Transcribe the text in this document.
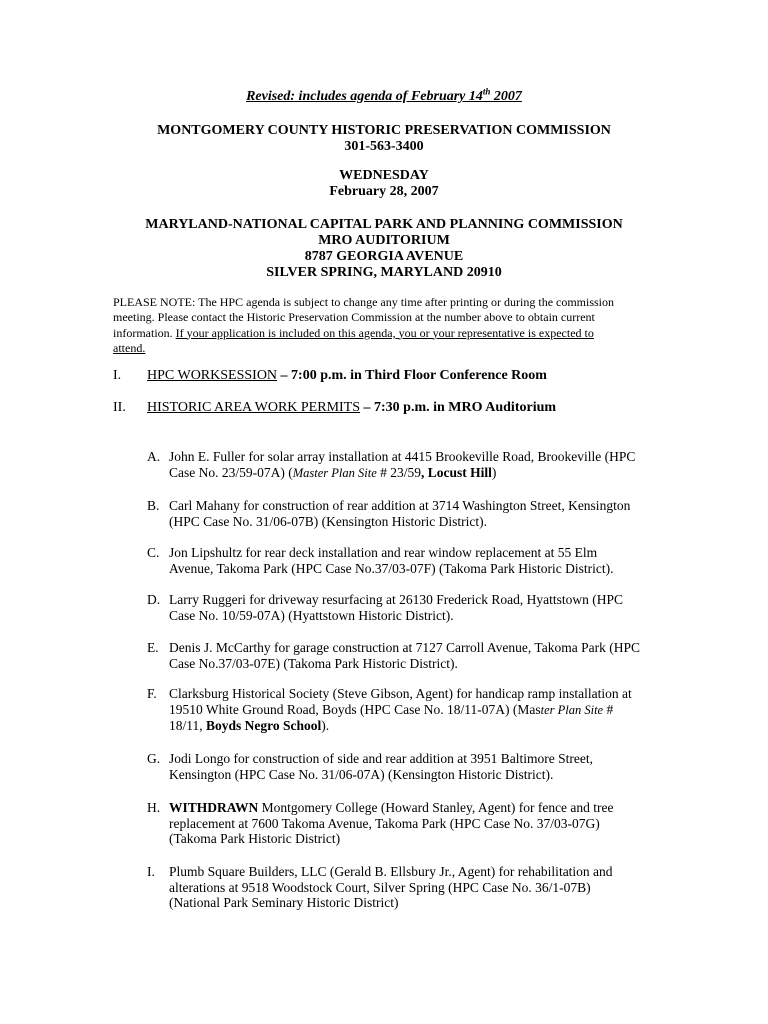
Revised: includes agenda of February 14th 2007
MONTGOMERY COUNTY HISTORIC PRESERVATION COMMISSION
301-563-3400
WEDNESDAY
February 28, 2007
MARYLAND-NATIONAL CAPITAL PARK AND PLANNING COMMISSION
MRO AUDITORIUM
8787 GEORGIA AVENUE
SILVER SPRING, MARYLAND 20910
PLEASE NOTE: The HPC agenda is subject to change any time after printing or during the commission
meeting. Please contact the Historic Preservation Commission at the number above to obtain current
information. If your application is included on this agenda, you or your representative is expected to
attend.
I. HPC WORKSESSION – 7:00 p.m. in Third Floor Conference Room
II. HISTORIC AREA WORK PERMITS – 7:30 p.m. in MRO Auditorium
A. John E. Fuller for solar array installation at 4415 Brookeville Road, Brookeville (HPC
Case No. 23/59-07A) (Master Plan Site # 23/59, Locust Hill)
B. Carl Mahany for construction of rear addition at 3714 Washington Street, Kensington
(HPC Case No. 31/06-07B) (Kensington Historic District).
C. Jon Lipshultz for rear deck installation and rear window replacement at 55 Elm
Avenue, Takoma Park (HPC Case No.37/03-07F) (Takoma Park Historic District).
D. Larry Ruggeri for driveway resurfacing at 26130 Frederick Road, Hyattstown (HPC
Case No. 10/59-07A) (Hyattstown Historic District).
E. Denis J. McCarthy for garage construction at 7127 Carroll Avenue, Takoma Park (HPC
Case No.37/03-07E) (Takoma Park Historic District).
F. Clarksburg Historical Society (Steve Gibson, Agent) for handicap ramp installation at
19510 White Ground Road, Boyds (HPC Case No. 18/11-07A) (Master Plan Site #
18/11, Boyds Negro School).
G. Jodi Longo for construction of side and rear addition at 3951 Baltimore Street,
Kensington (HPC Case No. 31/06-07A) (Kensington Historic District).
H. WITHDRAWN Montgomery College (Howard Stanley, Agent) for fence and tree
replacement at 7600 Takoma Avenue, Takoma Park (HPC Case No. 37/03-07G)
(Takoma Park Historic District)
I. Plumb Square Builders, LLC (Gerald B. Ellsbury Jr., Agent) for rehabilitation and
alterations at 9518 Woodstock Court, Silver Spring (HPC Case No. 36/1-07B)
(National Park Seminary Historic District)
